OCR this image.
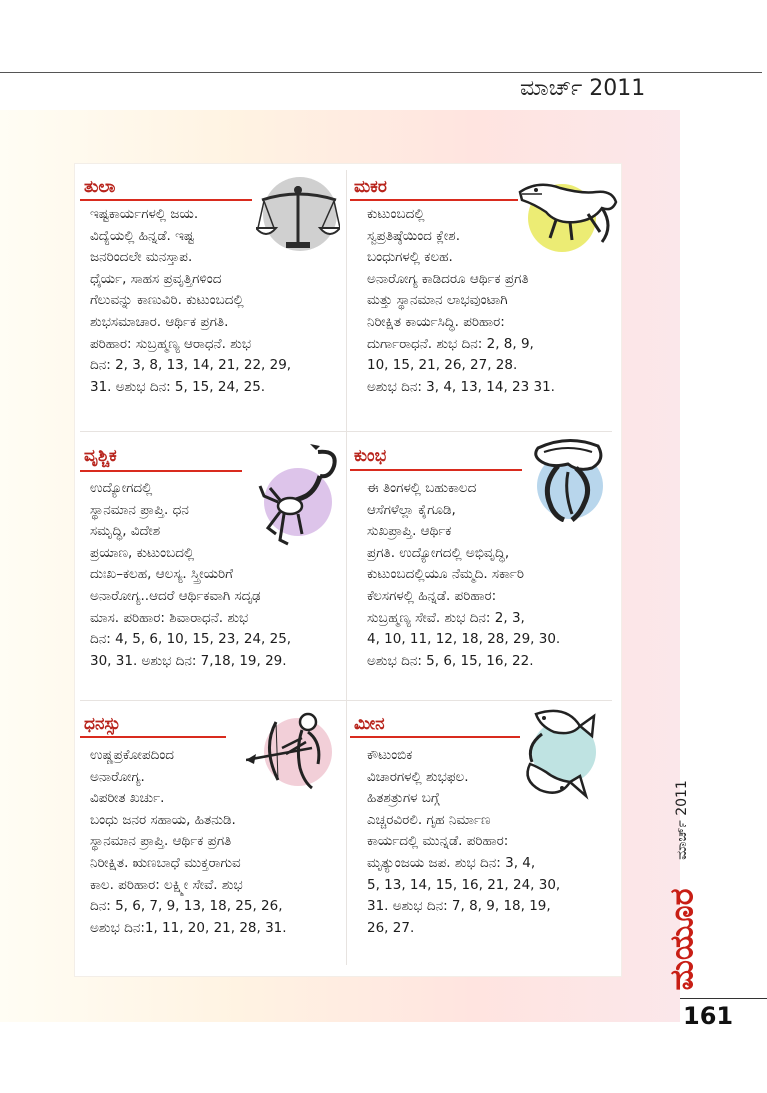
ಮಾರ್ಚ್ 2011
ತುಲಾ
ಇಷ್ಟಕಾರ್ಯಗಳಲ್ಲಿ ಜಯ.
ವಿದ್ಯೆಯಲ್ಲಿ ಹಿನ್ನಡೆ. ಇಷ್ಟ
ಜನರಿಂದಲೇ ಮನಸ್ತಾಪ.
ಧೈರ್ಯ, ಸಾಹಸ ಪ್ರವೃತ್ತಿಗಳಿಂದ
ಗೆಲುವನ್ನು ಕಾಣುವಿರಿ. ಕುಟುಂಬದಲ್ಲಿ
ಶುಭಸಮಾಚಾರ. ಆರ್ಥಿಕ ಪ್ರಗತಿ.
ಪರಿಹಾರ: ಸುಬ್ರಹ್ಮಣ್ಯ ಆರಾಧನೆ. ಶುಭ
ದಿನ: 2, 3, 8, 13, 14, 21, 22, 29,
31. ಅಶುಭ ದಿನ: 5, 15, 24, 25.
ಮಕರ
ಕುಟುಂಬದಲ್ಲಿ
ಸ್ವಪ್ರತಿಷ್ಠೆಯಿಂದ ಕ್ಲೇಶ.
ಬಂಧುಗಳಲ್ಲಿ ಕಲಹ.
ಅನಾರೋಗ್ಯ ಕಾಡಿದರೂ ಆರ್ಥಿಕ ಪ್ರಗತಿ
ಮತ್ತು ಸ್ಥಾನಮಾನ ಲಾಭವುಂಟಾಗಿ
ನಿರೀಕ್ಷಿತ ಕಾರ್ಯಸಿದ್ಧಿ. ಪರಿಹಾರ:
ದುರ್ಗಾರಾಧನೆ. ಶುಭ ದಿನ: 2, 8, 9,
10, 15, 21, 26, 27, 28.
ಅಶುಭ ದಿನ: 3, 4, 13, 14, 23 31.
ವೃಶ್ಚಿಕ
ಉದ್ಯೋಗದಲ್ಲಿ
ಸ್ಥಾನಮಾನ ಪ್ರಾಪ್ತಿ. ಧನ
ಸಮೃದ್ಧಿ, ವಿದೇಶ
ಪ್ರಯಾಣ, ಕುಟುಂಬದಲ್ಲಿ
ದುಃಖ–ಕಲಹ, ಆಲಸ್ಯ. ಸ್ತ್ರೀಯರಿಗೆ
ಅನಾರೋಗ್ಯ..ಆದರೆ ಆರ್ಥಿಕವಾಗಿ ಸದೃಢ
ಮಾಸ. ಪರಿಹಾರ: ಶಿವಾರಾಧನೆ. ಶುಭ
ದಿನ: 4, 5, 6, 10, 15, 23, 24, 25,
30, 31. ಅಶುಭ ದಿನ: 7,18, 19, 29.
ಕುಂಭ
ಈ ತಿಂಗಳಲ್ಲಿ ಬಹುಕಾಲದ
ಆಸೆಗಳೆಲ್ಲಾ ಕೈಗೂಡಿ,
ಸುಖಪ್ರಾಪ್ತಿ. ಆರ್ಥಿಕ
ಪ್ರಗತಿ. ಉದ್ಯೋಗದಲ್ಲಿ ಅಭಿವೃದ್ಧಿ,
ಕುಟುಂಬದಲ್ಲಿಯೂ ನೆಮ್ಮದಿ. ಸರ್ಕಾರಿ
ಕೆಲಸಗಳಲ್ಲಿ ಹಿನ್ನಡೆ. ಪರಿಹಾರ:
ಸುಬ್ರಹ್ಮಣ್ಯ ಸೇವೆ. ಶುಭ ದಿನ: 2, 3,
4, 10, 11, 12, 18, 28, 29, 30.
ಅಶುಭ ದಿನ: 5, 6, 15, 16, 22.
ಧನಸ್ಸು
ಉಷ್ಣಪ್ರಕೋಪದಿಂದ
ಅನಾರೋಗ್ಯ.
ವಿಪರೀತ ಖರ್ಚು.
ಬಂಧು ಜನರ ಸಹಾಯ, ಹಿತನುಡಿ.
ಸ್ಥಾನಮಾನ ಪ್ರಾಪ್ತಿ. ಆರ್ಥಿಕ ಪ್ರಗತಿ
ನಿರೀಕ್ಷಿತ. ಋಣಬಾಧೆ ಮುಕ್ತರಾಗುವ
ಕಾಲ. ಪರಿಹಾರ: ಲಕ್ಷ್ಮೀ ಸೇವೆ. ಶುಭ
ದಿನ: 5, 6, 7, 9, 13, 18, 25, 26,
ಅಶುಭ ದಿನ:1, 11, 20, 21, 28, 31.
ಮೀನ
ಕೌಟುಂಬಿಕ
ವಿಚಾರಗಳಲ್ಲಿ ಶುಭಫಲ.
ಹಿತಶತ್ರುಗಳ ಬಗ್ಗೆ
ಎಚ್ಚರವಿರಲಿ. ಗೃಹ ನಿರ್ಮಾಣ
ಕಾರ್ಯದಲ್ಲಿ ಮುನ್ನಡೆ. ಪರಿಹಾರ:
ಮೃತ್ಯುಂಜಯ ಜಪ. ಶುಭ ದಿನ: 3, 4,
5, 13, 14, 15, 16, 21, 24, 30,
31. ಅಶುಭ ದಿನ: 7, 8, 9, 18, 19,
26, 27.
ಮಾರ್ಚ್ 2011
ಮಯೂರ
161
